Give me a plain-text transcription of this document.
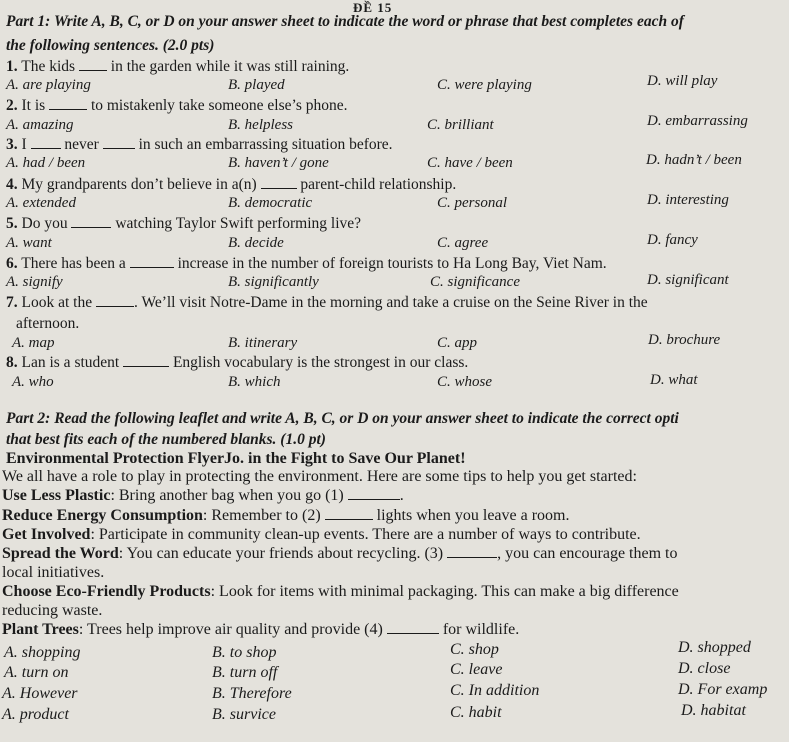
ĐỀ 15
Part 1: Write A, B, C, or D on your answer sheet to indicate the word or phrase that best completes each of
the following sentences. (2.0 pts)
1. The kids  in the garden while it was still raining.
A. are playing	B. played	C. were playing	D. will play
2. It is  to mistakenly take someone else’s phone.
A. amazing	B. helpless	C. brilliant	D. embarrassing
3. I  never  in such an embarrassing situation before.
A. had / been	B. haven’t / gone	C. have / been	D. hadn’t / been
4. My grandparents don’t believe in a(n)  parent-child relationship.
A. extended	B. democratic	C. personal	D. interesting
5. Do you	watching Taylor Swift performing live?
A. want	B. decide	C. agree	D. fancy
6. There has been a	increase in the number of foreign tourists to Ha Long Bay, Viet Nam.
A. signify	B. significantly	C. significance	D. significant
7. Look at the . We’ll visit Notre-Dame in the morning and take a cruise on the Seine River in the
afternoon.
A. map	B. itinerary	C. app	D. brochure
8. Lan is a student	English vocabulary is the strongest in our class.
A. who	B. which	C. whose	D. what
Part 2: Read the following leaflet and write A, B, C, or D on your answer sheet to indicate the correct opti
that best fits each of the numbered blanks. (1.0 pt)
Environmental Protection FlyerJo. in the Fight to Save Our Planet!
We all have a role to play in protecting the environment. Here are some tips to help you get started:
Use Less Plastic: Bring another bag when you go (1)	.
Reduce Energy Consumption: Remember to (2)	lights when you leave a room.
Get Involved: Participate in community clean-up events. There are a number of ways to contribute.
Spread the Word: You can educate your friends about recycling. (3)	, you can encourage them to
local initiatives.
Choose Eco-Friendly Products: Look for items with minimal packaging. This can make a big difference
reducing waste.
Plant Trees: Trees help improve air quality and provide (4)	for wildlife.
A. shopping	B. to shop	C. shop	D. shopped
A. turn on	B. turn off	C. leave	D. close
A. However	B. Therefore	C. In addition	D. For examp
A. product	B. survice	C. habit	D. habitat
